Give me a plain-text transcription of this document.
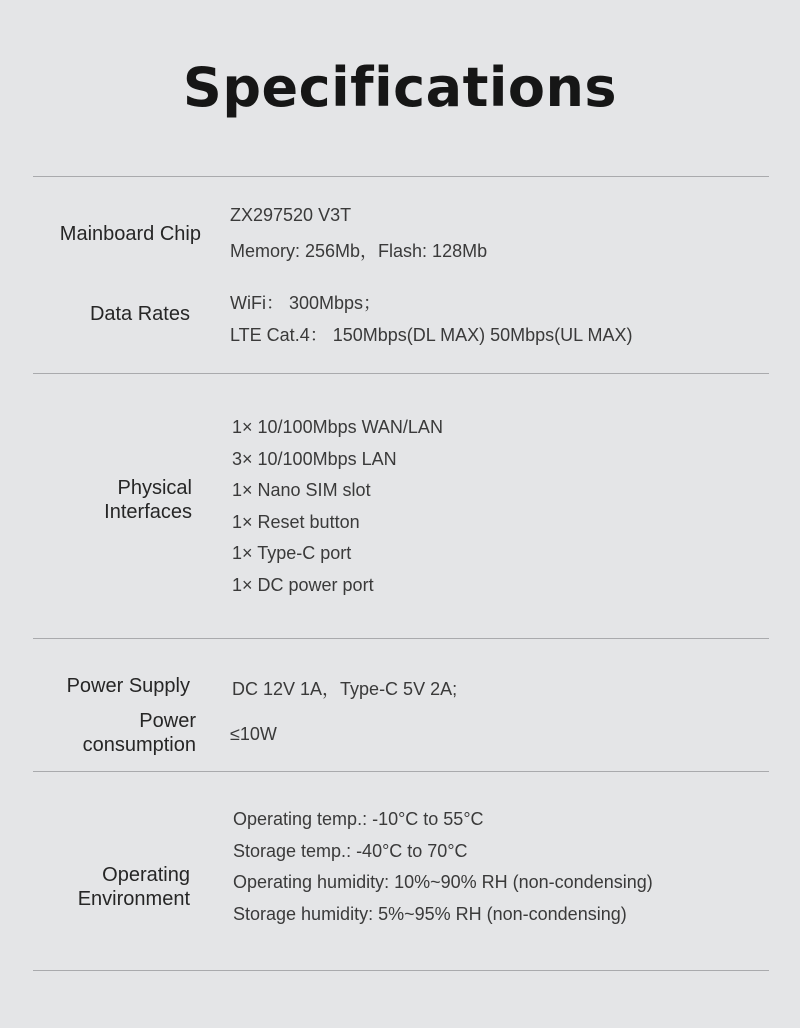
Specifications
Mainboard Chip
ZX297520 V3T
Memory: 256Mb，Flash: 128Mb
Data Rates WiFi： 300Mbps；
LTE Cat.4： 150Mbps(DL MAX) 50Mbps(UL MAX)
Physical
Interfaces
1× 10/100Mbps WAN/LAN
3× 10/100Mbps LAN
1× Nano SIM slot
1× Reset button
1× Type-C port
1× DC power port
Power Supply DC 12V 1A，Type-C 5V 2A;
Power
consumption ≤10W
Operating
Environment
Operating temp.: -10°C to 55°C
Storage temp.: -40°C to 70°C
Operating humidity: 10%~90% RH (non-condensing)
Storage humidity: 5%~95% RH (non-condensing)
